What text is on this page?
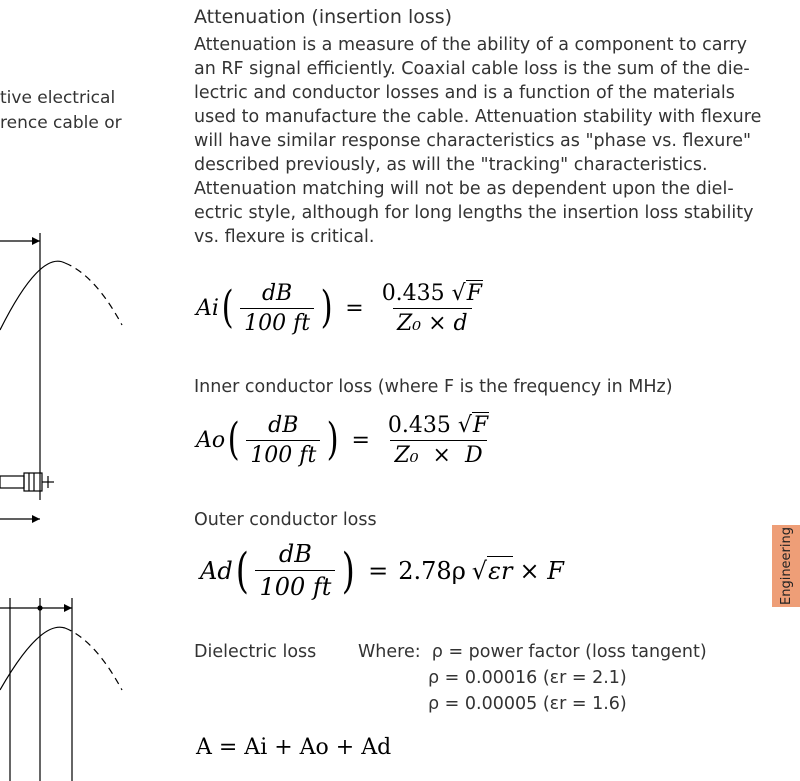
tive electrical
rence cable or
Attenuation (insertion loss)
Attenuation is a measure of the ability of a component to carry
an RF signal efficiently. Coaxial cable loss is the sum of the die-
lectric and conductor losses and is a function of the materials
used to manufacture the cable. Attenuation stability with flexure
will have similar response characteristics as "phase vs. flexure"
described previously, as will the "tracking" characteristics.
Attenuation matching will not be as dependent upon the diel-
ectric style, although for long lengths the insertion loss stability
vs. flexure is critical.
Ai ( $\frac{dB}{100 ft}$ ) = $\frac{0.435 √ F}{\text{Z₀ × d}}$
Inner conductor loss (where F is the frequency in MHz)
Ao ( $\frac{dB}{100 ft}$ ) = $\frac{0.435 √ F}{\text{Z₀  ×  D}}$
Outer conductor loss
Ad ( $\frac{dB}{100 ft}$ ) = 2.78ρ √ εr × F
Dielectric loss Where: ρ = power factor (loss tangent)
ρ = 0.00016 (εr = 2.1)
ρ = 0.00005 (εr = 1.6)
A = Ai + Ao + Ad
Engineering
